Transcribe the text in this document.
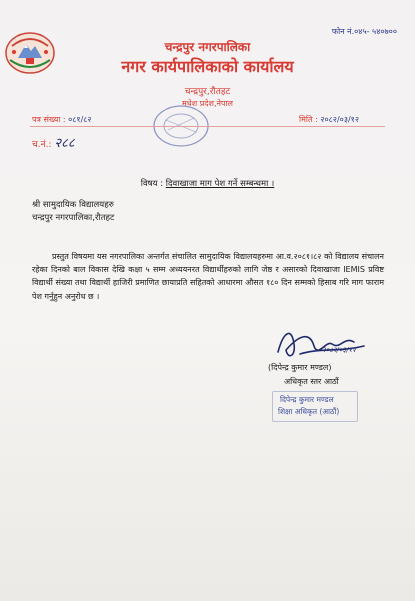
फोन नं.०४५- ५४०७००
चन्द्रपुर नगरपालिका
नगर कार्यपालिकाको कार्यालय
चन्द्रपुर,रौतहट
मधेश प्रदेश,नेपाल
पत्र संख्या : ०८१/८२	मिति : २०८२/०३/१२
च.नं.: २८८
विषय : दिवाखाजा माग पेश गर्ने सम्बन्धमा ।
श्री सामुदायिक विद्यालयहरु
चन्द्रपुर नगरपालिका,रौतहट
प्रस्तुत विषयमा यस नगरपालिका अन्तर्गत संचालित सामुदायिक विद्यालयहरुमा आ.व.२०८१।८२ को विद्यालय संचालन रहेका दिनको बाल विकास देखि कक्षा ५ सम्म अध्ययनरत विद्यार्थीहरुको लागि जेष्ठ र असारको दिवाखाजा IEMIS प्रविष्ट विद्यार्थी संख्या तथा विद्यार्थी हाजिरी प्रमाणित छायाप्रति सहितको आधारमा औसत १८० दिन सम्मको हिसाब गरि माग फाराम पेश गर्नुहुन अनुरोध छ ।
२०८२/०३/१२
(दिपेन्द्र कुमार मण्डल)
अधिकृत स्तर आठौं
दिपेन्द्र कुमार मण्डल
शिक्षा अधिकृत (आठौं)
